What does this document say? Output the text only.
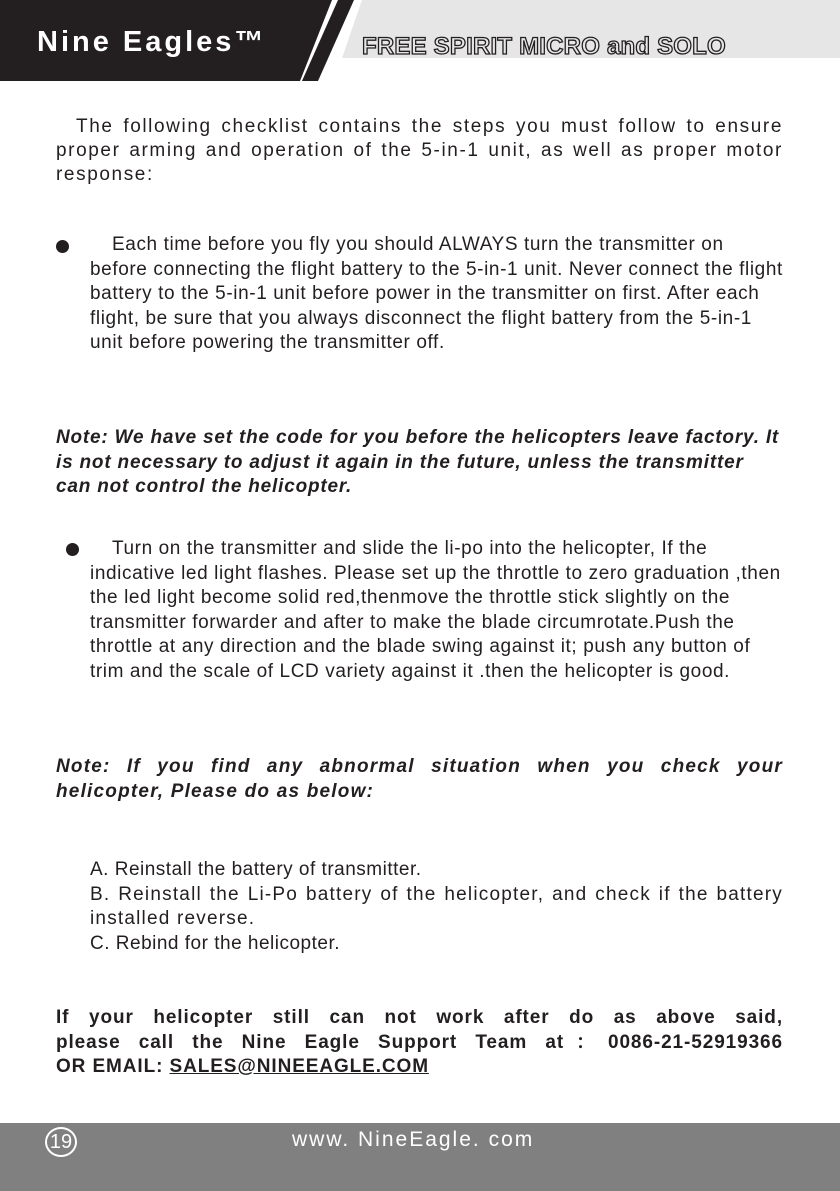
Nine Eagles™	FREE SPIRIT MICRO and SOLO

The following checklist contains the steps you must follow to ensure proper arming and operation of the 5-in-1 unit, as well as proper motor response:

Each time before you fly you should ALWAYS turn the transmitter on before connecting the flight battery to the 5-in-1 unit. Never connect the flight battery to the 5-in-1 unit before power in the transmitter on first. After each flight, be sure that you always disconnect the flight battery from the 5-in-1 unit before powering the transmitter off.

Note: We have set the code for you before the helicopters leave factory. It is not necessary to adjust it again in the future, unless the transmitter can not control the helicopter.

Turn on the transmitter and slide the li-po into the helicopter, If the indicative led light flashes. Please set up the throttle to zero graduation ,then the led light become solid red,thenmove the throttle stick slightly on the transmitter forwarder and after to make the blade circumrotate.Push the throttle at any direction and the blade swing against it; push any button of trim and the scale of LCD variety against it .then the helicopter is good.

Note: If you find any abnormal situation when you check your helicopter, Please do as below:

A. Reinstall the battery of transmitter.
B. Reinstall the Li-Po battery of the helicopter, and check if the battery installed reverse.
C. Rebind for the helicopter.

If your helicopter still can not work after do as above said,
please call the Nine Eagle Support Team at：0086-21-52919366
OR EMAIL: SALES@NINEEAGLE.COM

19	www. NineEagle. com
